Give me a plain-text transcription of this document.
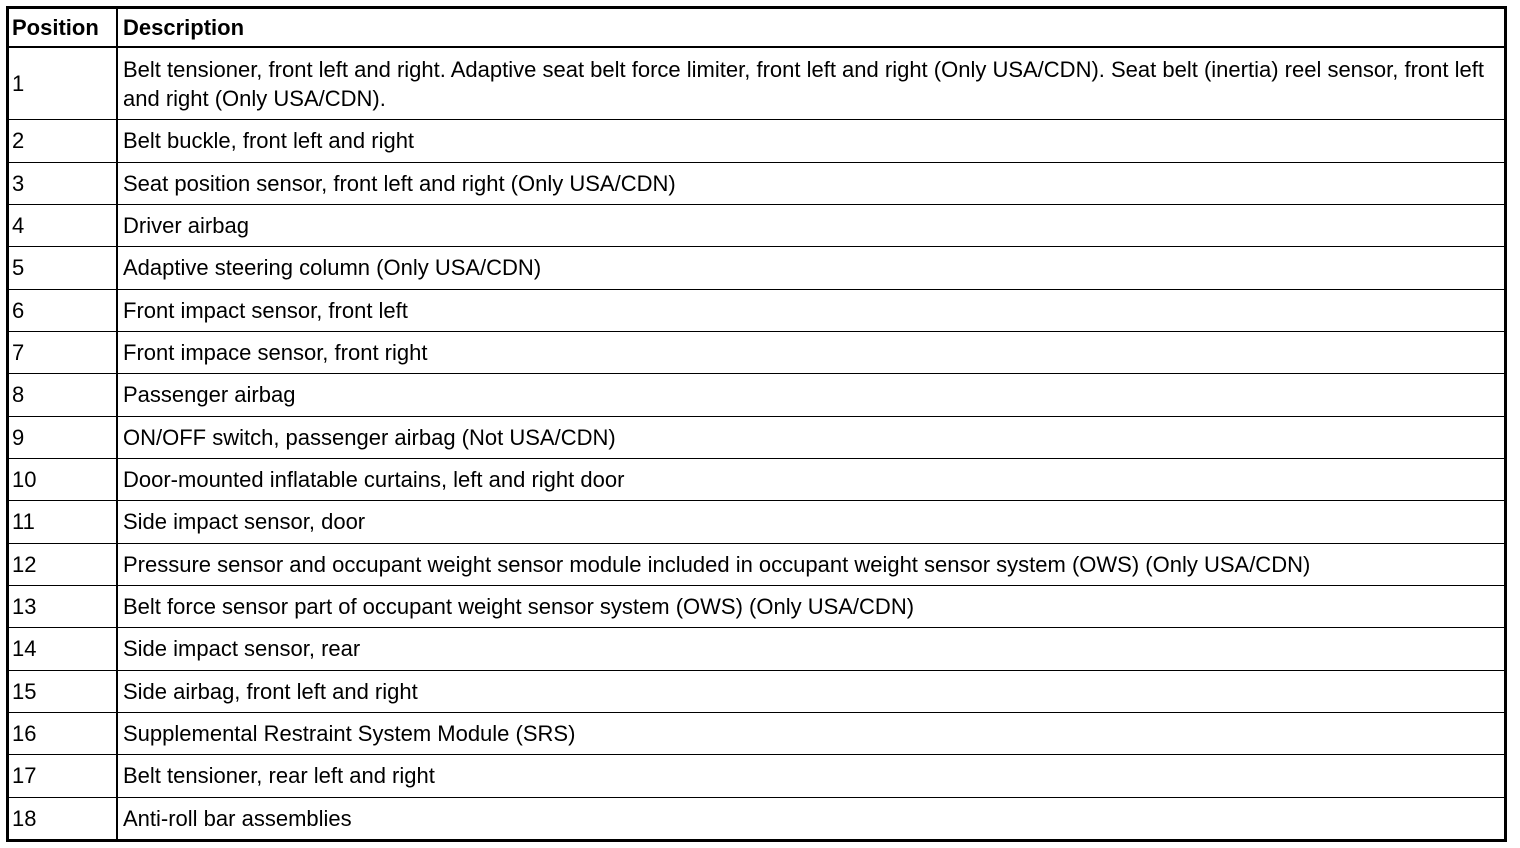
Position	Description
1	Belt tensioner, front left and right. Adaptive seat belt force limiter, front left and right (Only USA/CDN). Seat belt (inertia) reel sensor, front left and right (Only USA/CDN).
2	Belt buckle, front left and right
3	Seat position sensor, front left and right (Only USA/CDN)
4	Driver airbag
5	Adaptive steering column (Only USA/CDN)
6	Front impact sensor, front left
7	Front impace sensor, front right
8	Passenger airbag
9	ON/OFF switch, passenger airbag (Not USA/CDN)
10	Door-mounted inflatable curtains, left and right door
11	Side impact sensor, door
12	Pressure sensor and occupant weight sensor module included in occupant weight sensor system (OWS) (Only USA/CDN)
13	Belt force sensor part of occupant weight sensor system (OWS) (Only USA/CDN)
14	Side impact sensor, rear
15	Side airbag, front left and right
16	Supplemental Restraint System Module (SRS)
17	Belt tensioner, rear left and right
18	Anti-roll bar assemblies
